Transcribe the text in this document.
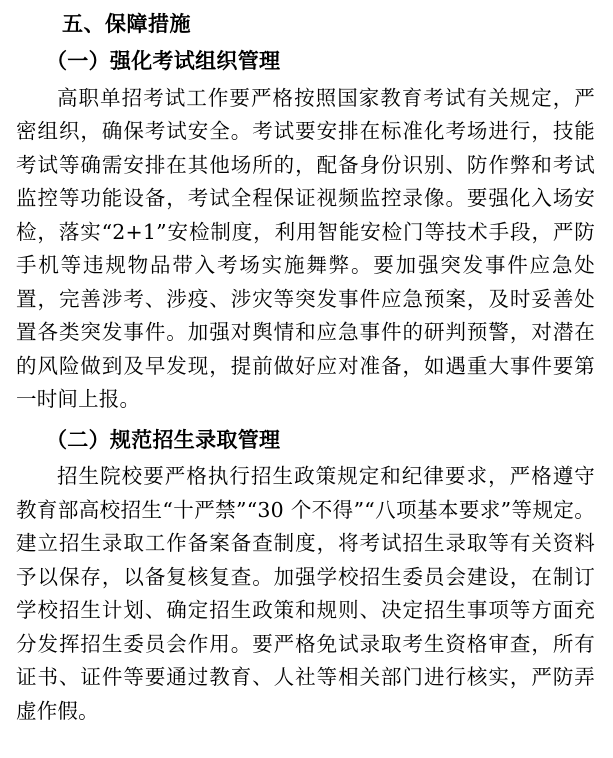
五、保障措施
（一）强化考试组织管理

高职单招考试工作要严格按照国家教育考试有关规定，严密组织，确保考试安全。考试要安排在标准化考场进行，技能考试等确需安排在其他场所的，配备身份识别、防作弊和考试监控等功能设备，考试全程保证视频监控录像。要强化入场安检，落实“2+1”安检制度，利用智能安检门等技术手段，严防手机等违规物品带入考场实施舞弊。要加强突发事件应急处置，完善涉考、涉疫、涉灾等突发事件应急预案，及时妥善处置各类突发事件。加强对舆情和应急事件的研判预警，对潜在的风险做到及早发现，提前做好应对准备，如遇重大事件要第一时间上报。

（二）规范招生录取管理

招生院校要严格执行招生政策规定和纪律要求，严格遵守教育部高校招生“十严禁”“30 个不得”“八项基本要求”等规定。建立招生录取工作备案备查制度，将考试招生录取等有关资料予以保存，以备复核复查。加强学校招生委员会建设，在制订学校招生计划、确定招生政策和规则、决定招生事项等方面充分发挥招生委员会作用。要严格免试录取考生资格审查，所有证书、证件等要通过教育、人社等相关部门进行核实，严防弄虚作假。
